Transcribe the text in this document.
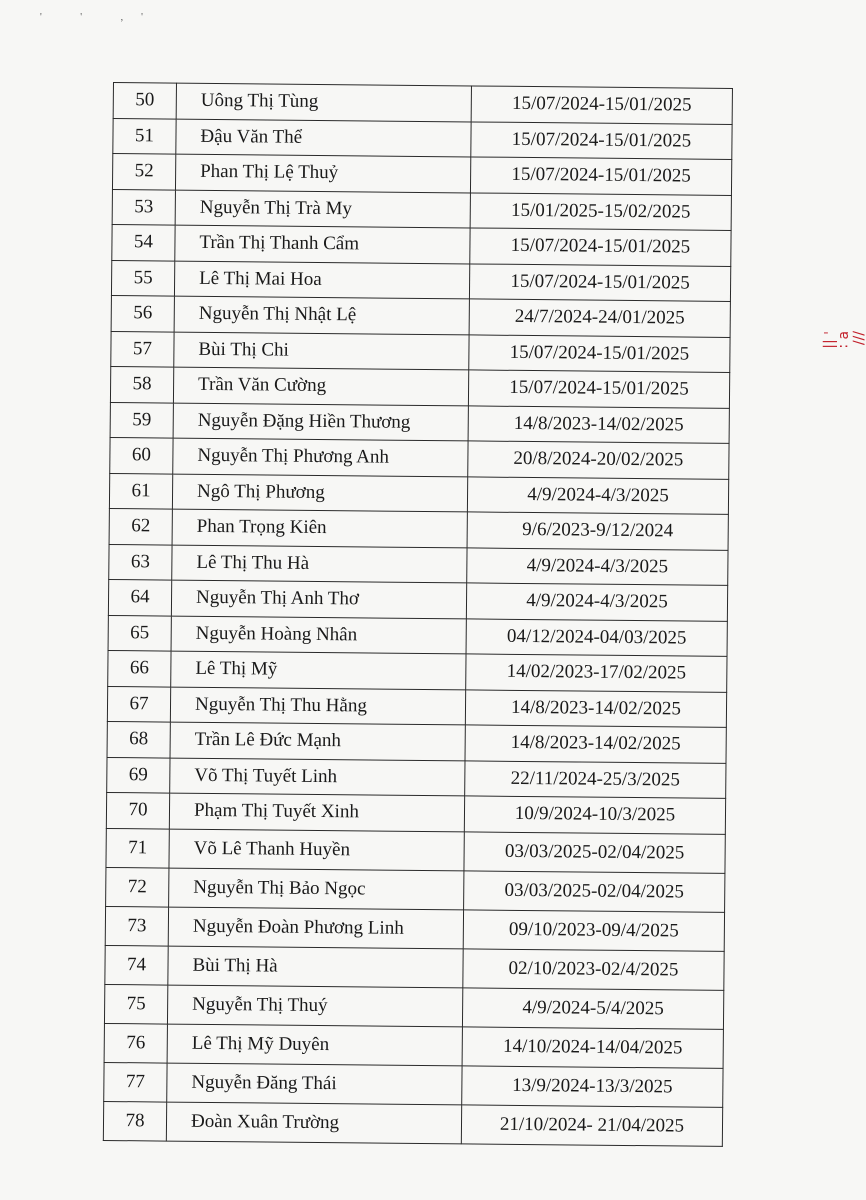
' ' ,'
50	Uông Thị Tùng	15/07/2024-15/01/2025
51	Đậu Văn Thể	15/07/2024-15/01/2025
52	Phan Thị Lệ Thuỷ	15/07/2024-15/01/2025
53	Nguyễn Thị Trà My	15/01/2025-15/02/2025
54	Trần Thị Thanh Cẩm	15/07/2024-15/01/2025
55	Lê Thị Mai Hoa	15/07/2024-15/01/2025
56	Nguyễn Thị Nhật Lệ	24/7/2024-24/01/2025
57	Bùi Thị Chi	15/07/2024-15/01/2025
58	Trần Văn Cường	15/07/2024-15/01/2025
59	Nguyễn Đặng Hiền Thương	14/8/2023-14/02/2025
60	Nguyễn Thị Phương Anh	20/8/2024-20/02/2025
61	Ngô Thị Phương	4/9/2024-4/3/2025
62	Phan Trọng Kiên	9/6/2023-9/12/2024
63	Lê Thị Thu Hà	4/9/2024-4/3/2025
64	Nguyễn Thị Anh Thơ	4/9/2024-4/3/2025
65	Nguyễn Hoàng Nhân	04/12/2024-04/03/2025
66	Lê Thị Mỹ	14/02/2023-17/02/2025
67	Nguyễn Thị Thu Hằng	14/8/2023-14/02/2025
68	Trần Lê Đức Mạnh	14/8/2023-14/02/2025
69	Võ Thị Tuyết Linh	22/11/2024-25/3/2025
70	Phạm Thị Tuyết Xinh	10/9/2024-10/3/2025
71	Võ Lê Thanh Huyền	03/03/2025-02/04/2025
72	Nguyễn Thị Bảo Ngọc	03/03/2025-02/04/2025
73	Nguyễn Đoàn Phương Linh	09/10/2023-09/4/2025
74	Bùi Thị Hà	02/10/2023-02/4/2025
75	Nguyễn Thị Thuý	4/9/2024-5/4/2025
76	Lê Thị Mỹ Duyên	14/10/2024-14/04/2025
77	Nguyễn Đăng Thái	13/9/2024-13/3/2025
78	Đoàn Xuân Trường	21/10/2024- 21/04/2025
/// ɐ :ˌ ||
